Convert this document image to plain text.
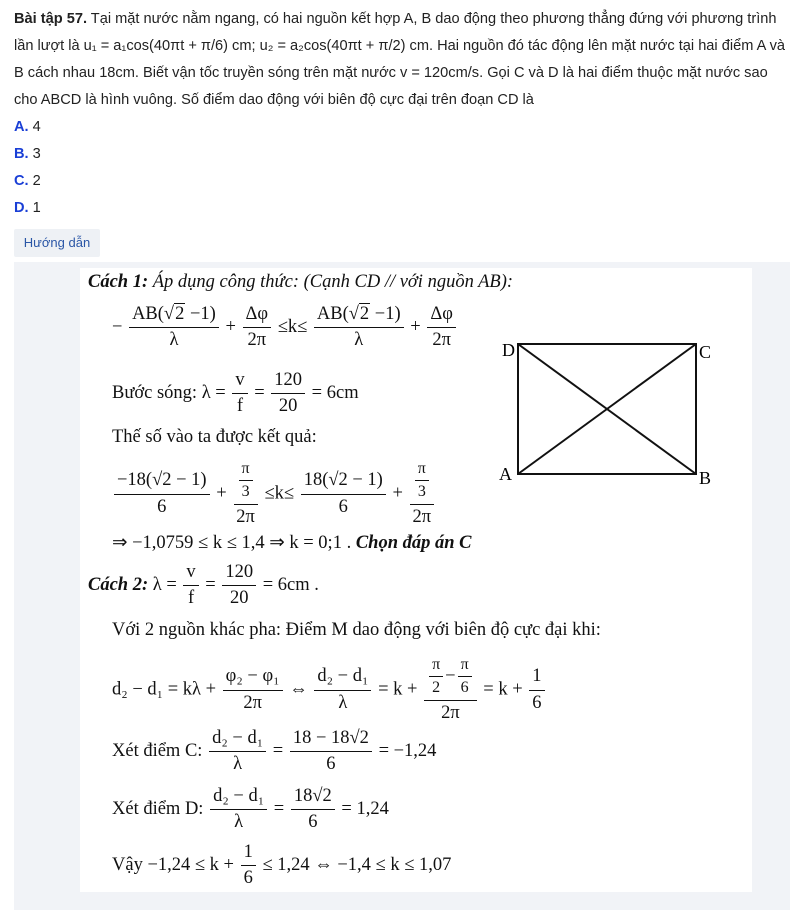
Bài tập 57. Tại mặt nước nằm ngang, có hai nguồn kết hợp A, B dao động theo phương thẳng đứng với phương trình lần lượt là u₁ = a₁cos(40πt + π/6) cm; u₂ = a₂cos(40πt + π/2) cm. Hai nguồn đó tác động lên mặt nước tại hai điểm A và B cách nhau 18cm. Biết vận tốc truyền sóng trên mặt nước v = 120cm/s. Gọi C và D là hai điểm thuộc mặt nước sao cho ABCD là hình vuông. Số điểm dao động với biên độ cực đại trên đoạn CD là
A. 4
B. 3
C. 2
D. 1
Hướng dẫn
Cách 1: Áp dụng công thức: (Cạnh CD // với nguồn AB):
− $\frac{AB(√2 -1)}{\lambda} + \frac{\Delta\varphi}{2\pi} \le k\le \frac{AB(√2 -1)}{\lambda} + \frac{\Delta\varphi}{2\pi}$
Bước sóng: $\lambda = \frac{v}{f} = \frac{120}{20} = 6cm$
Thế số vào ta được kết quả:
$\frac{-18(√2 - 1)}{6} + \frac{\frac{\pi}{3}}{2\pi} \le k\le \frac{18(√2 - 1)}{6} + \frac{\frac{\pi}{3}}{2\pi}$
⇒ −1,0759 ≤ k ≤ 1,4 ⇒ k = 0;1 . Chọn đáp án C
Cách 2: $\lambda = \frac{v}{f} = \frac{120}{20} = 6cm$ .
Với 2 nguồn khác pha: Điểm M dao động với biên độ cực đại khi:
$d_2 - d_1 = k\lambda + \frac{\text{φ₂ − φ₁}}{2\pi}$ ⇔ $\frac{\text{d₂ − d₁}}{\lambda} = k + \frac{\frac{\pi}{2} - \frac{\pi}{6}}{2\pi} = k + \frac{1}{6}$
Xét điểm C: $\frac{\text{d₂ − d₁}}{\lambda} = \frac{18 - 18√2}{6} = -1,24$
Xét điểm D: $\frac{\text{d₂ − d₁}}{\lambda} = \frac{18√2}{6} = 1,24$
Vậy $-1,24 \le k + \frac{1}{6} \le 1,24$ ⇔ −1,4 ≤ k ≤ 1,07
D	C
A	B
